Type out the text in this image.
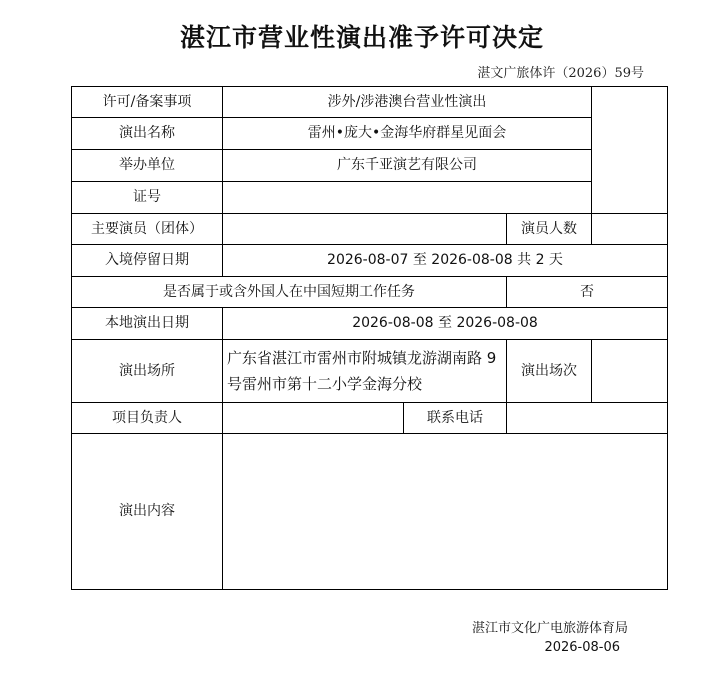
湛江市营业性演出准予许可决定
湛文广旅体许（2026）59号
许可/备案事项	涉外/涉港澳台营业性演出			
演出名称	雷州•庞大•金海华府群星见面会			
举办单位	广东千亚演艺有限公司			
证号				
主要演员（团体）			演员人数	
入境停留日期	2026-08-07 至 2026-08-08 共 2 天			
是否属于或含外国人在中国短期工作任务			否	
本地演出日期	2026-08-08 至 2026-08-08			
演出场所	广东省湛江市雷州市附城镇龙游湖南路 9 号雷州市第十二小学金海分校		演出场次	
项目负责人		联系电话		
演出内容				
湛江市文化广电旅游体育局
2026-08-06
